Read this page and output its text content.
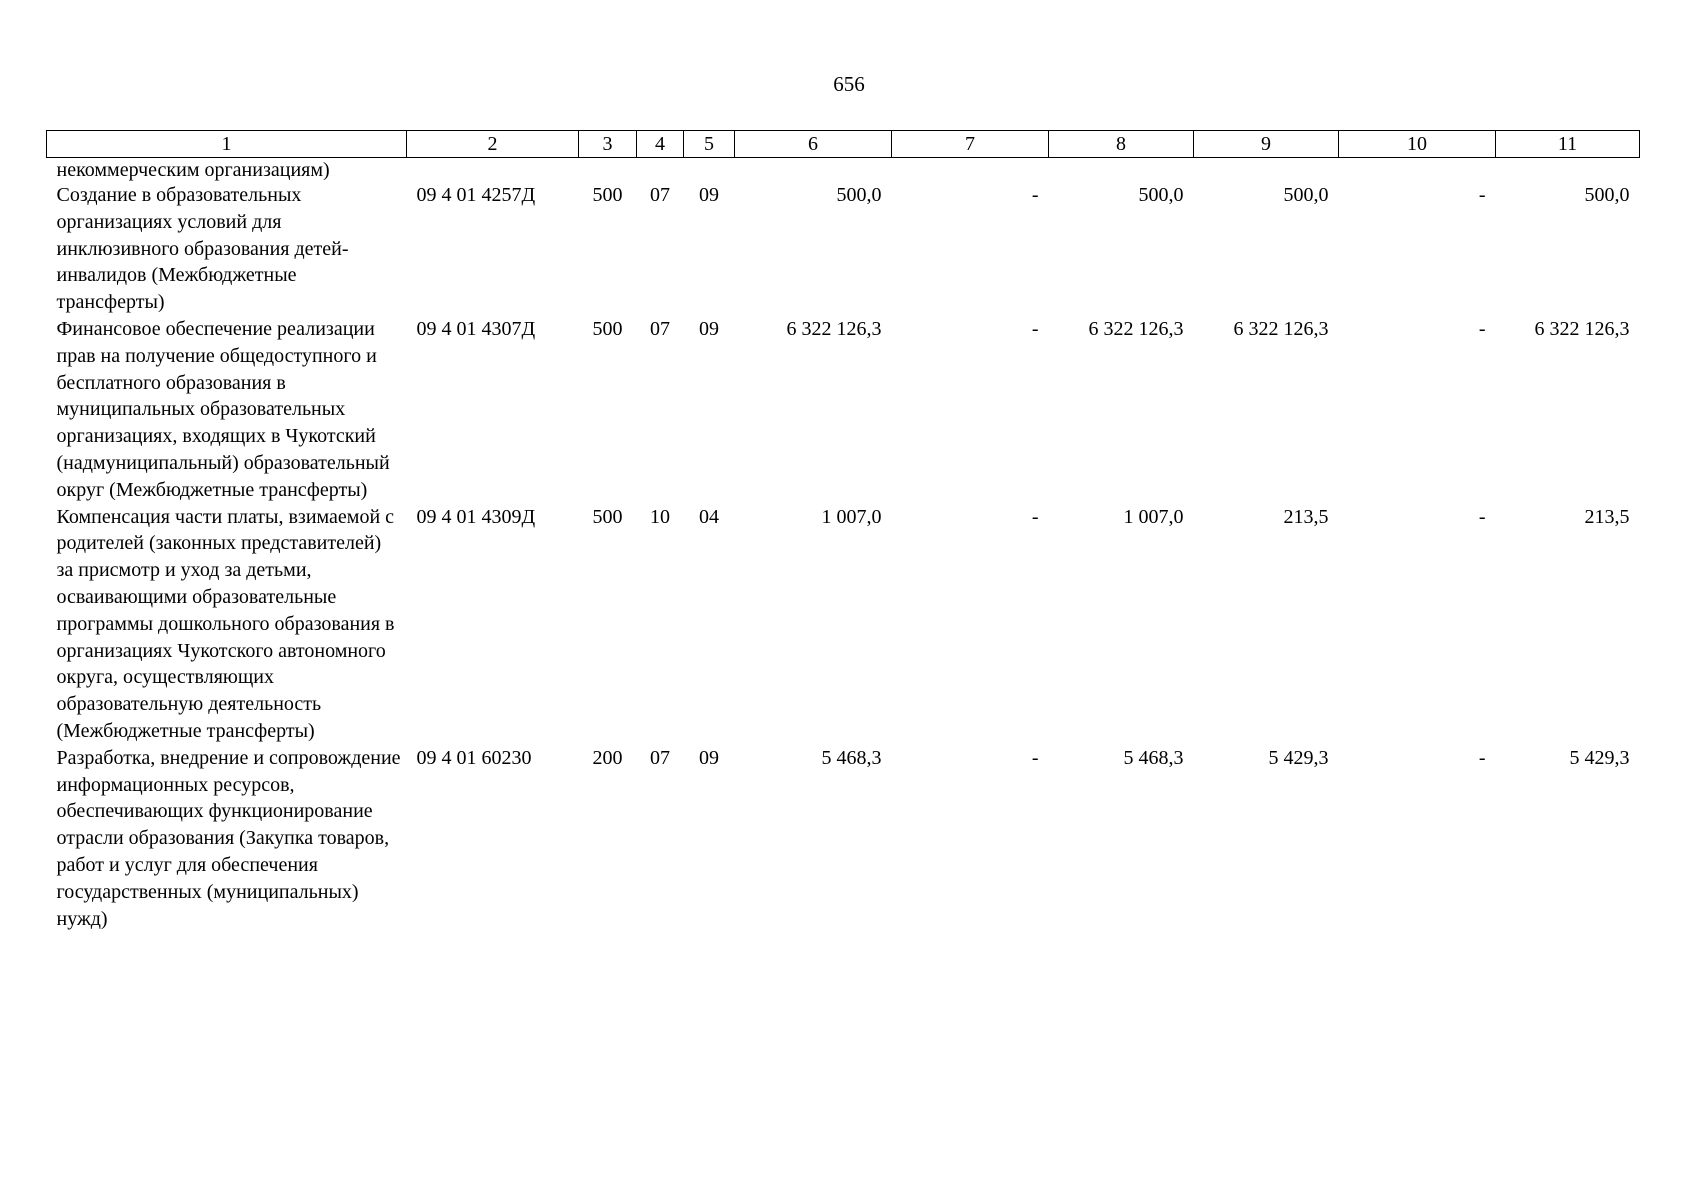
656
1	2	3	4	5	6	7	8	9	10	11
некоммерческим организациям)										
Создание в образовательных организациях условий для инклюзивного образования детей-инвалидов (Межбюджетные трансферты)	09 4 01 4257Д	500	07	09	500,0	-	500,0	500,0	-	500,0
Финансовое обеспечение реализации прав на получение общедоступного и бесплатного образования в муниципальных образовательных организациях, входящих в Чукотский (надмуниципальный) образовательный округ (Межбюджетные трансферты)	09 4 01 4307Д	500	07	09	6 322 126,3	-	6 322 126,3	6 322 126,3	-	6 322 126,3
Компенсация части платы, взимаемой с родителей (законных представителей) за присмотр и уход за детьми, осваивающими образовательные программы дошкольного образования в организациях Чукотского автономного округа, осуществляющих образовательную деятельность (Межбюджетные трансферты)	09 4 01 4309Д	500	10	04	1 007,0	-	1 007,0	213,5	-	213,5
Разработка, внедрение и сопровождение информационных ресурсов, обеспечивающих функционирование отрасли образования (Закупка товаров, работ и услуг для обеспечения государственных (муниципальных) нужд)	09 4 01 60230	200	07	09	5 468,3	-	5 468,3	5 429,3	-	5 429,3
